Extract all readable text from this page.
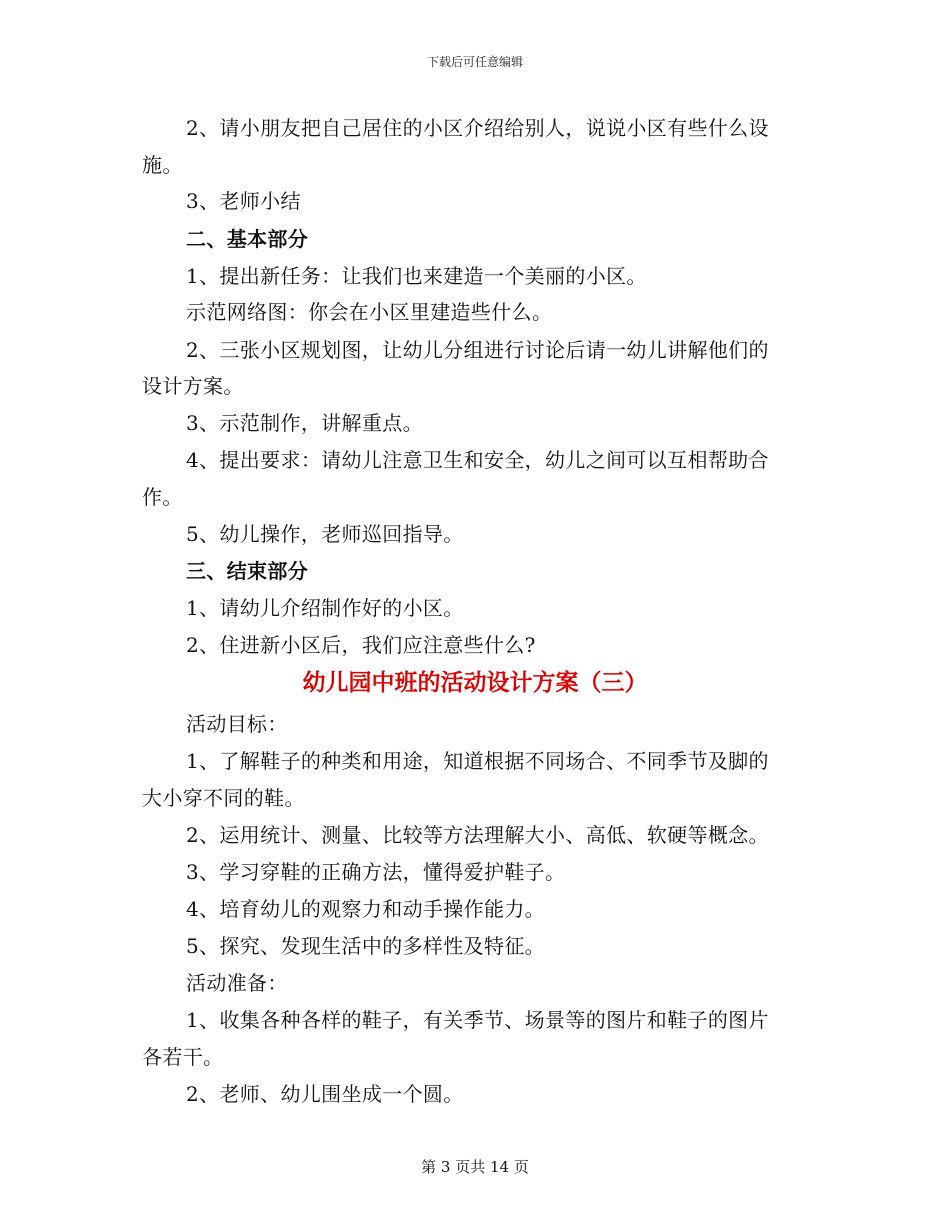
下载后可任意编辑
2、请小朋友把自己居住的小区介绍给别人，说说小区有些什么设
施。
3、老师小结
二、基本部分
1、提出新任务：让我们也来建造一个美丽的小区。
示范网络图：你会在小区里建造些什么。
2、三张小区规划图，让幼儿分组进行讨论后请一幼儿讲解他们的
设计方案。
3、示范制作，讲解重点。
4、提出要求：请幼儿注意卫生和安全，幼儿之间可以互相帮助合
作。
5、幼儿操作，老师巡回指导。
三、结束部分
1、请幼儿介绍制作好的小区。
2、住进新小区后，我们应注意些什么?
幼儿园中班的活动设计方案（三）
活动目标：
1、了解鞋子的种类和用途，知道根据不同场合、不同季节及脚的
大小穿不同的鞋。
2、运用统计、测量、比较等方法理解大小、高低、软硬等概念。
3、学习穿鞋的正确方法，懂得爱护鞋子。
4、培育幼儿的观察力和动手操作能力。
5、探究、发现生活中的多样性及特征。
活动准备：
1、收集各种各样的鞋子，有关季节、场景等的图片和鞋子的图片
各若干。
2、老师、幼儿围坐成一个圆。
第 3 页共 14 页
